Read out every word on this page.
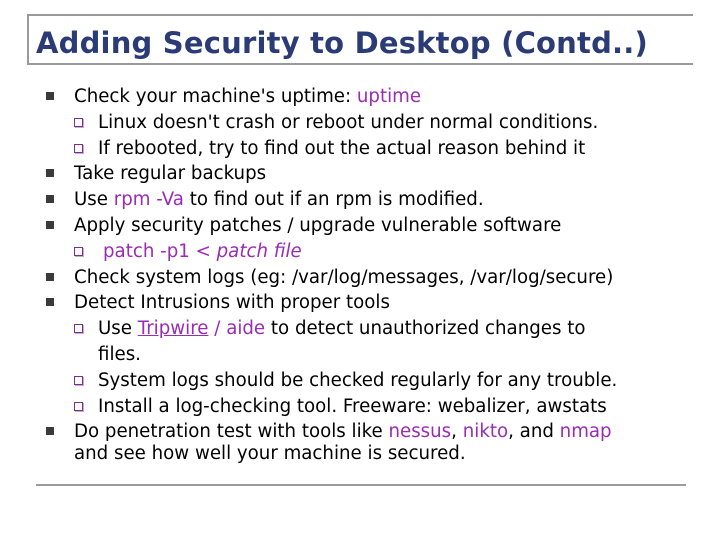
Adding Security to Desktop (Contd..)
Check your machine's uptime: uptime
Linux doesn't crash or reboot under normal conditions.
If rebooted, try to find out the actual reason behind it
Take regular backups
Use rpm -Va to find out if an rpm is modified.
Apply security patches / upgrade vulnerable software
patch -p1 < patch file
Check system logs (eg: /var/log/messages, /var/log/secure)
Detect Intrusions with proper tools
Use Tripwire / aide to detect unauthorized changes to
files.
System logs should be checked regularly for any trouble.
Install a log-checking tool. Freeware: webalizer, awstats
Do penetration test with tools like nessus, nikto, and nmap
and see how well your machine is secured.
